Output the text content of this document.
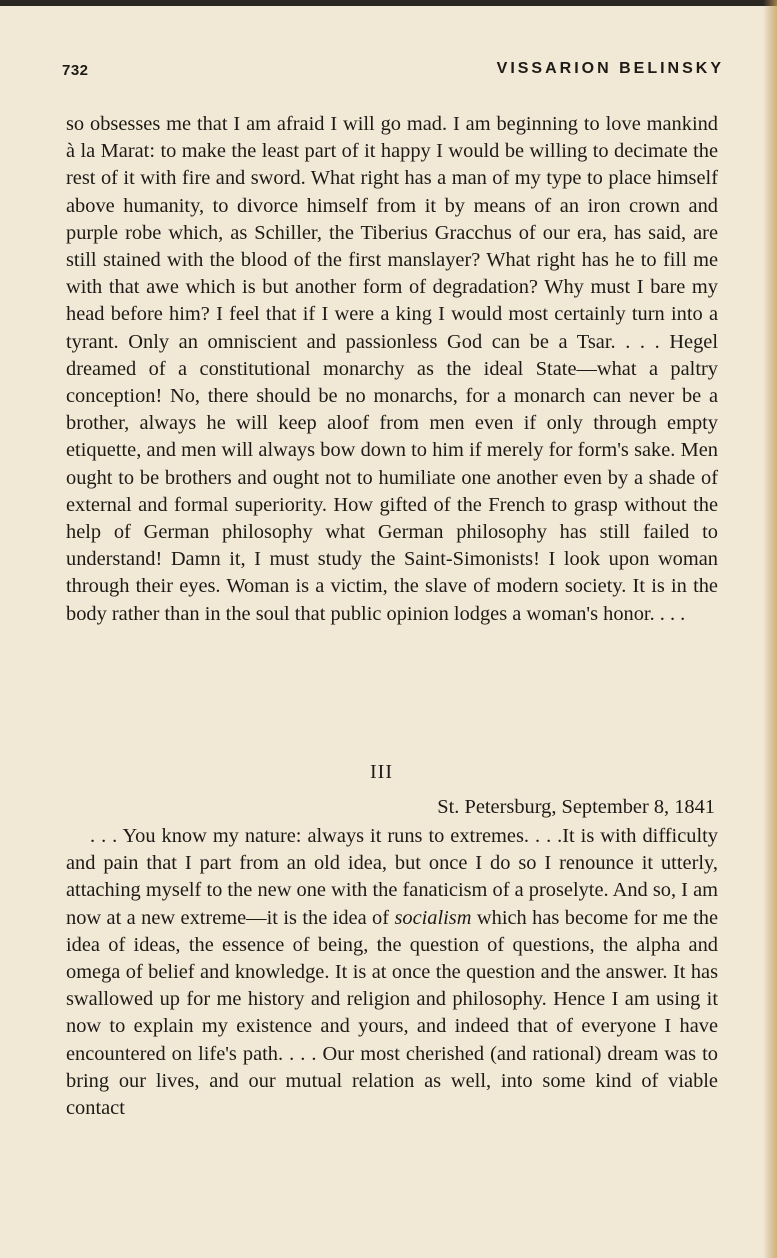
732	VISSARION BELINSKY

so obsesses me that I am afraid I will go mad. I am beginning to love mankind à la Marat: to make the least part of it happy I would be willing to decimate the rest of it with fire and sword. What right has a man of my type to place himself above humanity, to divorce himself from it by means of an iron crown and purple robe which, as Schiller, the Tiberius Gracchus of our era, has said, are still stained with the blood of the first manslayer? What right has he to fill me with that awe which is but another form of degradation? Why must I bare my head before him? I feel that if I were a king I would most certainly turn into a tyrant. Only an omniscient and passionless God can be a Tsar. . . . Hegel dreamed of a constitutional monarchy as the ideal State—what a paltry conception! No, there should be no monarchs, for a monarch can never be a brother, always he will keep aloof from men even if only through empty etiquette, and men will always bow down to him if merely for form's sake. Men ought to be brothers and ought not to humiliate one another even by a shade of external and formal superiority. How gifted of the French to grasp without the help of German philosophy what German philosophy has still failed to understand! Damn it, I must study the Saint-Simonists! I look upon woman through their eyes. Woman is a victim, the slave of modern society. It is in the body rather than in the soul that public opinion lodges a woman's honor. . . .

III
St. Petersburg, September 8, 1841

. . . You know my nature: always it runs to extremes. . . .It is with difficulty and pain that I part from an old idea, but once I do so I renounce it utterly, attaching myself to the new one with the fanaticism of a proselyte. And so, I am now at a new extreme—it is the idea of socialism which has become for me the idea of ideas, the essence of being, the question of questions, the alpha and omega of belief and knowledge. It is at once the question and the answer. It has swallowed up for me history and religion and philosophy. Hence I am using it now to explain my existence and yours, and indeed that of everyone I have encountered on life's path. . . . Our most cherished (and rational) dream was to bring our lives, and our mutual relation as well, into some kind of viable contact
